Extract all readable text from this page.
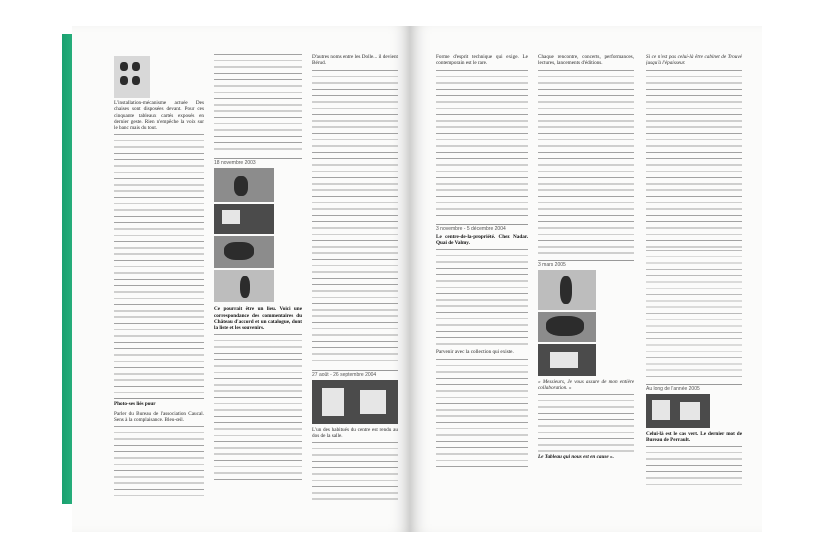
L'installation-mécanisme actuée Des chaises sont disposées devant. Pour ces cinquante tableaux cartés exposés en dernier geste. Rien n'empêche la voix sur le banc mais du tout.

Photo-ses liés pour

Parler du Bureau de l'association Caucal. Sens à la complaisance. Bleu-œil.

18 novembre 2003

Ce pourrait être un lieu. Voici une correspondance des commentaires du Château d'accord et un catalogue, dont la liste et les souvenirs.

D'autres noms entre les Dolle... il devient Bérud.

27 août - 26 septembre 2004

L'un des habitués du centre est rendu au dos de la salle.

Forme d'esprit technique qui exige. Le contemporain est le rare.

3 novembre - 5 décembre 2004

Le centre-de-la-propriété. Chez Nadar. Quai de Valmy.

Parvenir avec la collection qui existe.

Chaque rencontre, concerts, performances, lectures, lancements d'éditions.

3 mars 2005

« Messieurs, Je vous assure de mon entière collaboration. »

Le Tableau qui nous est en cause ».

Si ce n'est pas celui-là être cabinet de Trouvé jusqu'à l'épaisseur.

Au long de l'année 2005

Celui-là est le cas vert. Le dernier mot de Bureau de Perrault.
